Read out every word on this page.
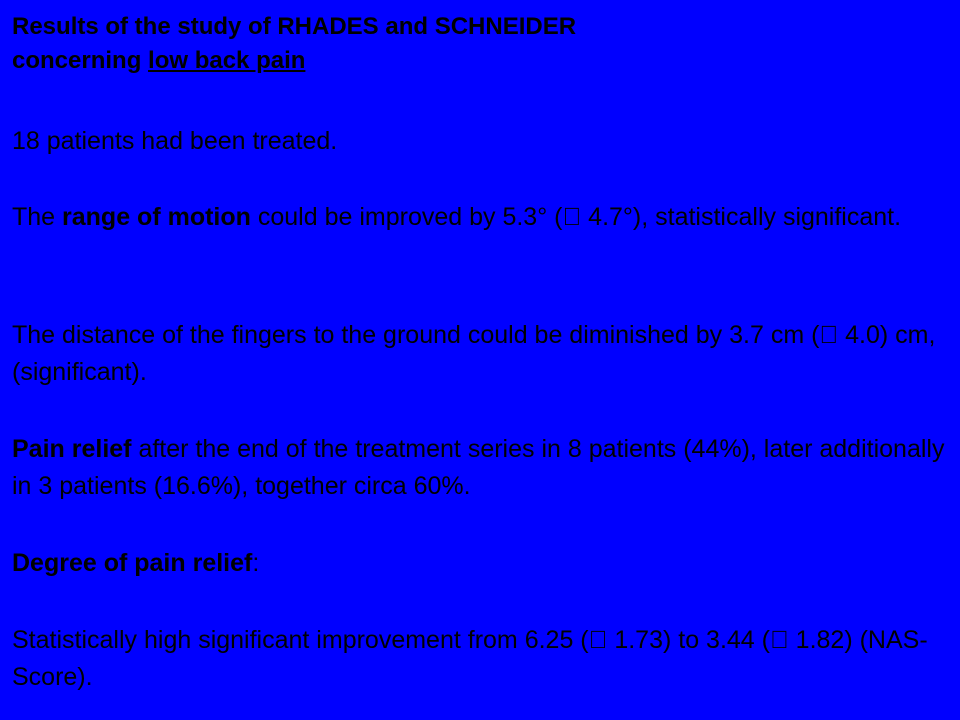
Results of the study of RHADES and SCHNEIDER
concerning low back pain

18 patients had been treated.

The range of motion could be improved by 5.3° ( 4.7°), statistically significant.

The distance of the fingers to the ground could be diminished by 3.7 cm ( 4.0) cm, (significant).

Pain relief after the end of the treatment series in 8 patients (44%), later additionally in 3 patients (16.6%), together circa 60%.

Degree of pain relief:

Statistically high significant improvement from 6.25 ( 1.73) to 3.44 ( 1.82) (NAS-Score).
